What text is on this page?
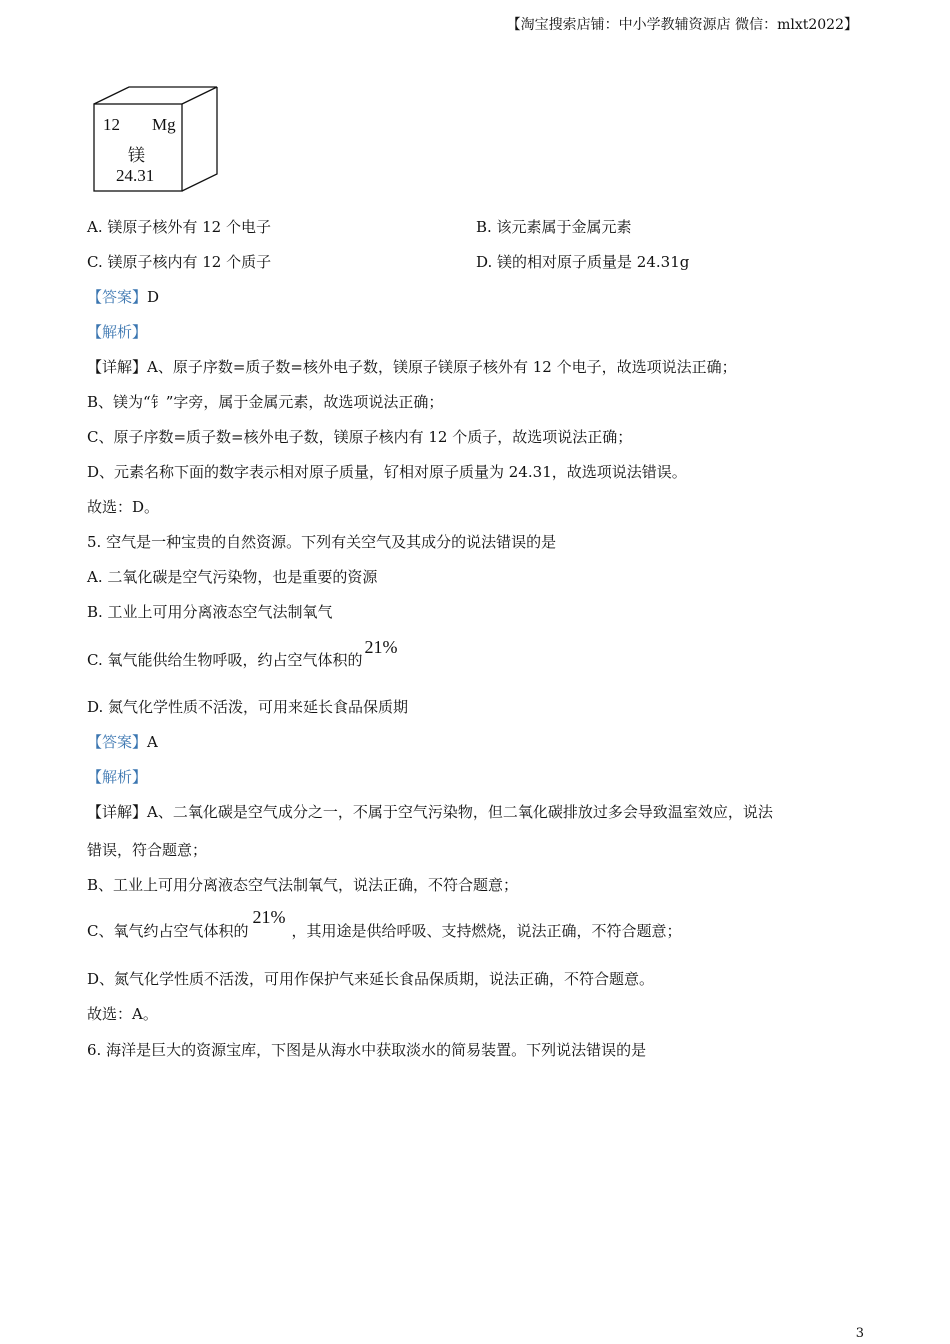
【淘宝搜索店铺：中小学教辅资源店 微信：mlxt2022】
12 Mg
镁
24.31
A. 镁原子核外有 12 个电子	B. 该元素属于金属元素
C. 镁原子核内有 12 个质子	D. 镁的相对原子质量是 24.31g
【答案】D
【解析】
【详解】A、原子序数=质子数=核外电子数，镁原子镁原子核外有 12 个电子，故选项说法正确；
B、镁为“钅”字旁，属于金属元素，故选项说法正确；
C、原子序数=质子数=核外电子数，镁原子核内有 12 个质子，故选项说法正确；
D、元素名称下面的数字表示相对原子质量，钌相对原子质量为 24.31，故选项说法错误。
故选：D。
5. 空气是一种宝贵的自然资源。下列有关空气及其成分的说法错误的是
A. 二氧化碳是空气污染物，也是重要的资源
B. 工业上可用分离液态空气法制氧气
C. 氧气能供给生物呼吸，约占空气体积的21%
D. 氮气化学性质不活泼，可用来延长食品保质期
【答案】A
【解析】
【详解】A、二氧化碳是空气成分之一，不属于空气污染物，但二氧化碳排放过多会导致温室效应，说法
错误，符合题意；
B、工业上可用分离液态空气法制氧气，说法正确，不符合题意；
C、氧气约占空气体积的21%，其用途是供给呼吸、支持燃烧，说法正确，不符合题意；
D、氮气化学性质不活泼，可用作保护气来延长食品保质期，说法正确，不符合题意。
故选：A。
6. 海洋是巨大的资源宝库，下图是从海水中获取淡水的简易装置。下列说法错误的是
3
